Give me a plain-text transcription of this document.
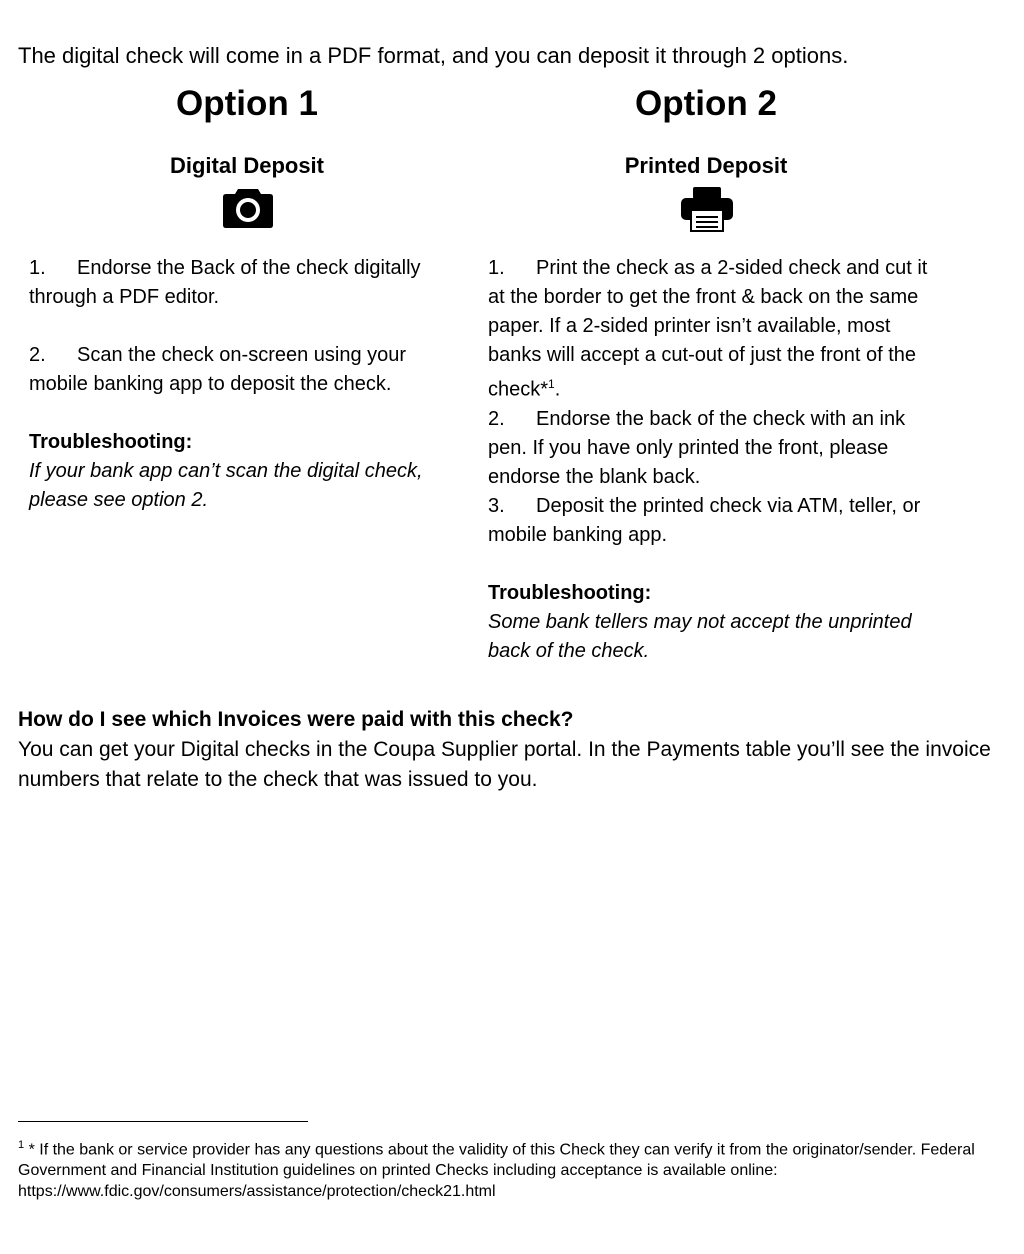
The digital check will come in a PDF format, and you can deposit it through 2 options.
Option 1
Digital Deposit
Option 2
Printed Deposit

1. Endorse the Back of the check digitally through a PDF editor.

2. Scan the check on-screen using your mobile banking app to deposit the check.

Troubleshooting:

If your bank app can’t scan the digital check, please see option 2.

1. Print the check as a 2-sided check and cut it at the border to get the front & back on the same paper. If a 2-sided printer isn’t available, most banks will accept a cut-out of just the front of the check*$^1$.

2. Endorse the back of the check with an ink pen. If you have only printed the front, please endorse the blank back.

3. Deposit the printed check via ATM, teller, or mobile banking app.

Troubleshooting:

Some bank tellers may not accept the unprinted back of the check.

How do I see which Invoices were paid with this check?
You can get your Digital checks in the Coupa Supplier portal. In the Payments table you’ll see the invoice numbers that relate to the check that was issued to you.
$^1$ * If the bank or service provider has any questions about the validity of this Check they can verify it from the originator/sender. Federal Government and Financial Institution guidelines on printed Checks including acceptance is available online: https://www.fdic.gov/consumers/assistance/protection/check21.html
